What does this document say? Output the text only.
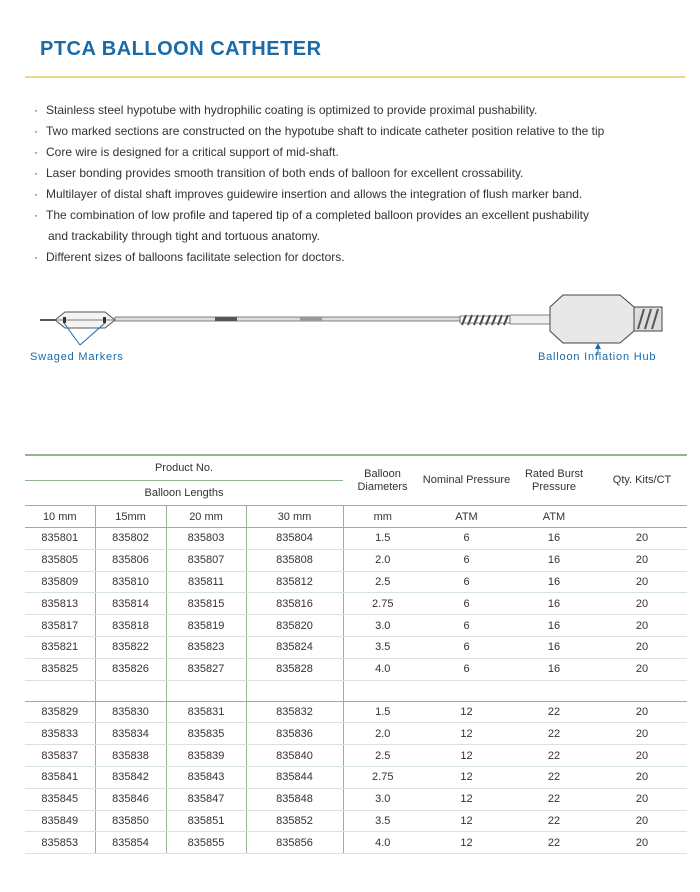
PTCA BALLOON CATHETER
· Stainless steel hypotube with hydrophilic coating is optimized to provide proximal pushability.
· Two marked sections are constructed on the hypotube shaft to indicate catheter position relative to the tip
· Core wire is designed for a critical support of mid-shaft.
· Laser bonding provides smooth transition of both ends of balloon for excellent crossability.
· Multilayer of distal shaft improves guidewire insertion and allows the integration of flush marker band.
· The combination of low profile and tapered tip of a completed balloon provides an excellent pushability
and trackability through tight and tortuous anatomy.
· Different sizes of balloons facilitate selection for doctors.
Swaged Markers	Balloon Inflation Hub
Product No.				Balloon Diameters	Nominal Pressure	Rated Burst Pressure	Qty. Kits/CT
Balloon Lengths							
10 mm	15mm	20 mm	30 mm	mm	ATM	ATM	
835801	835802	835803	835804	1.5	6	16	20
835805	835806	835807	835808	2.0	6	16	20
835809	835810	835811	835812	2.5	6	16	20
835813	835814	835815	835816	2.75	6	16	20
835817	835818	835819	835820	3.0	6	16	20
835821	835822	835823	835824	3.5	6	16	20
835825	835826	835827	835828	4.0	6	16	20

835829	835830	835831	835832	1.5	12	22	20
835833	835834	835835	835836	2.0	12	22	20
835837	835838	835839	835840	2.5	12	22	20
835841	835842	835843	835844	2.75	12	22	20
835845	835846	835847	835848	3.0	12	22	20
835849	835850	835851	835852	3.5	12	22	20
835853	835854	835855	835856	4.0	12	22	20
